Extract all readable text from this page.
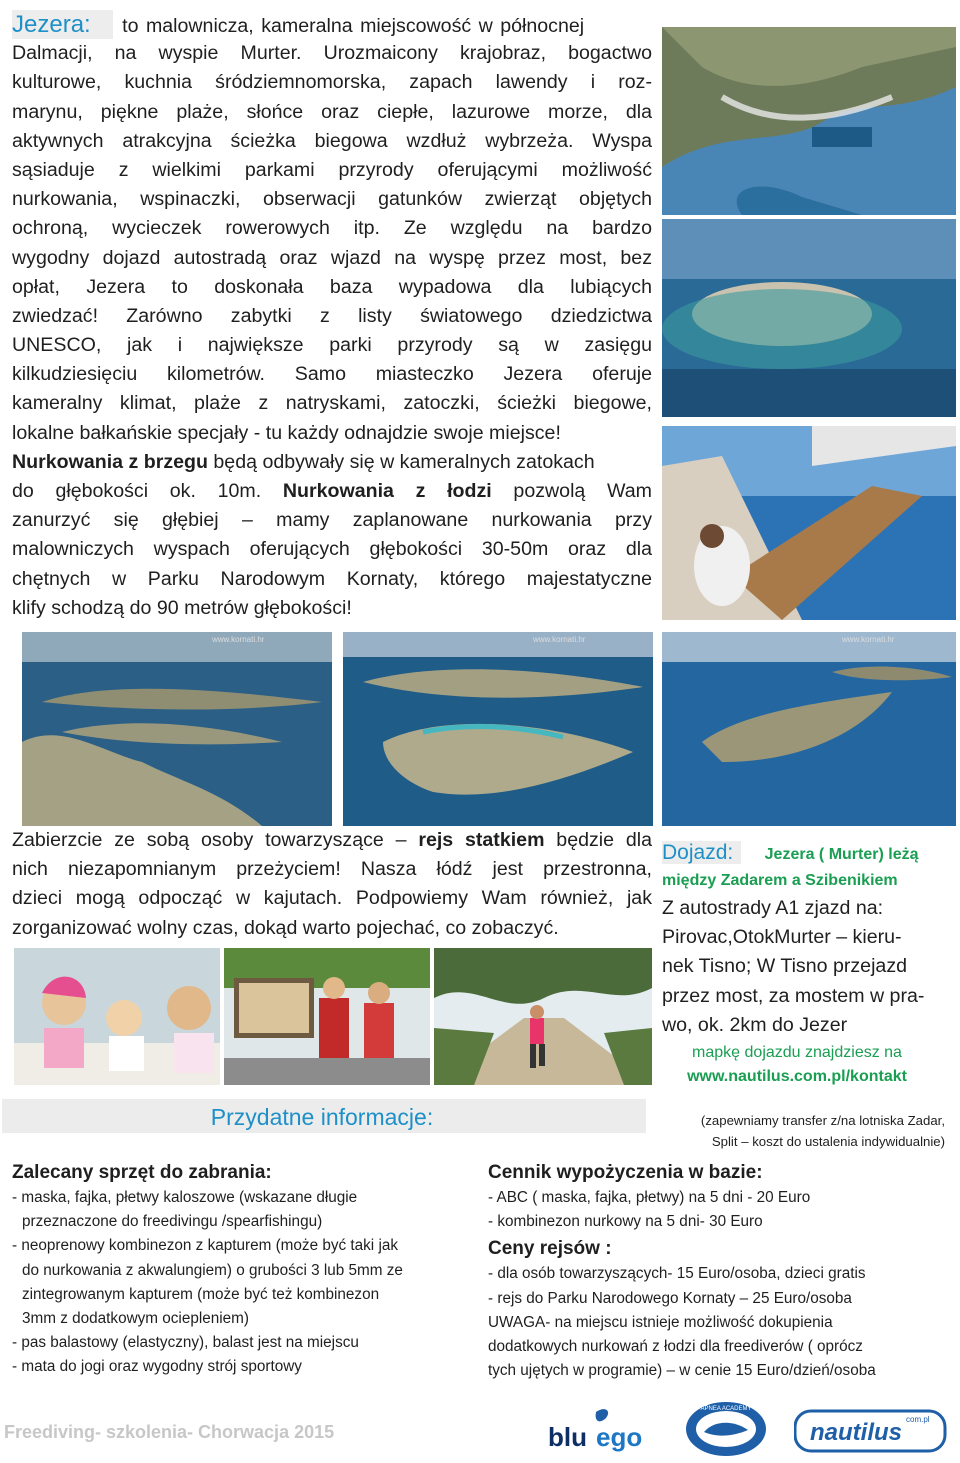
Jezera: to malownicza, kameralna miejscowość w północnej
Dalmacji, na wyspie Murter. Urozmaicony krajobraz, bogactwo
kulturowe, kuchnia śródziemnomorska, zapach lawendy i roz-
marynu, piękne plaże, słońce oraz ciepłe, lazurowe morze, dla
aktywnych atrakcyjna ścieżka biegowa wzdłuż wybrzeża. Wyspa
sąsiaduje z wielkimi parkami przyrody oferującymi możliwość
nurkowania, wspinaczki, obserwacji gatunków zwierząt objętych
ochroną, wycieczek rowerowych itp. Ze względu na bardzo
wygodny dojazd autostradą oraz wjazd na wyspę przez most, bez
opłat, Jezera to doskonała baza wypadowa dla lubiących
zwiedzać! Zarówno zabytki z listy światowego dziedzictwa
UNESCO, jak i największe parki przyrody są w zasięgu
kilkudziesięciu kilometrów. Samo miasteczko Jezera oferuje
kameralny klimat, plaże z natryskami, zatoczki, ścieżki biegowe,
lokalne bałkańskie specjały - tu każdy odnajdzie swoje miejsce!
Nurkowania z brzegu będą odbywały się w kameralnych zatokach
do głębokości ok. 10m. Nurkowania z łodzi pozwolą Wam
zanurzyć się głębiej – mamy zaplanowane nurkowania przy
malowniczych wyspach oferujących głębokości 30-50m oraz dla
chętnych w Parku Narodowym Kornaty, którego majestatyczne
klify schodzą do 90 metrów głębokości!
www.kornati.hr	www.kornati.hr	www.kornati.hr
Zabierzcie ze sobą osoby towarzyszące – rejs statkiem będzie dla
nich niezapomnianym przeżyciem! Nasza łódź jest przestronna,
dzieci mogą odpocząć w kajutach. Podpowiemy Wam również, jak
zorganizować wolny czas, dokąd warto pojechać, co zobaczyć.
Dojazd: Jezera ( Murter) leżą
między Zadarem a Szibenikiem
Z autostrady A1 zjazd na:
Pirovac,OtokMurter – kieru-
nek Tisno; W Tisno przejazd
przez most, za mostem w pra-
wo, ok. 2km do Jezer
mapkę dojazdu znajdziesz na
www.nautilus.com.pl/kontakt
Przydatne informacje:	(zapewniamy transfer z/na lotniska Zadar,
Split – koszt do ustalenia indywidualnie)
Zalecany sprzęt do zabrania:
- maska, fajka, płetwy kaloszowe (wskazane długie
przeznaczone do freedivingu /spearfishingu)
- neoprenowy kombinezon z kapturem (może być taki jak
do nurkowania z akwalungiem) o grubości 3 lub 5mm ze
zintegrowanym kapturem (może być też kombinezon
3mm z dodatkowym ociepleniem)
- pas balastowy (elastyczny), balast jest na miejscu
- mata do jogi oraz wygodny strój sportowy
Cennik wypożyczenia w bazie:
- ABC ( maska, fajka, płetwy) na 5 dni - 20 Euro
- kombinezon nurkowy na 5 dni- 30 Euro
Ceny rejsów :
- dla osób towarzyszących- 15 Euro/osoba, dzieci gratis
- rejs do Parku Narodowego Kornaty – 25 Euro/osoba
UWAGA- na miejscu istnieje możliwość dokupienia
dodatkowych nurkowań z łodzi dla freediverów ( oprócz
tych ujętych w programie) – w cenie 15 Euro/dzień/osoba
Freediving- szkolenia- Chorwacja 2015	blu ego
APNEA ACADEMY
nautilus com.pl
